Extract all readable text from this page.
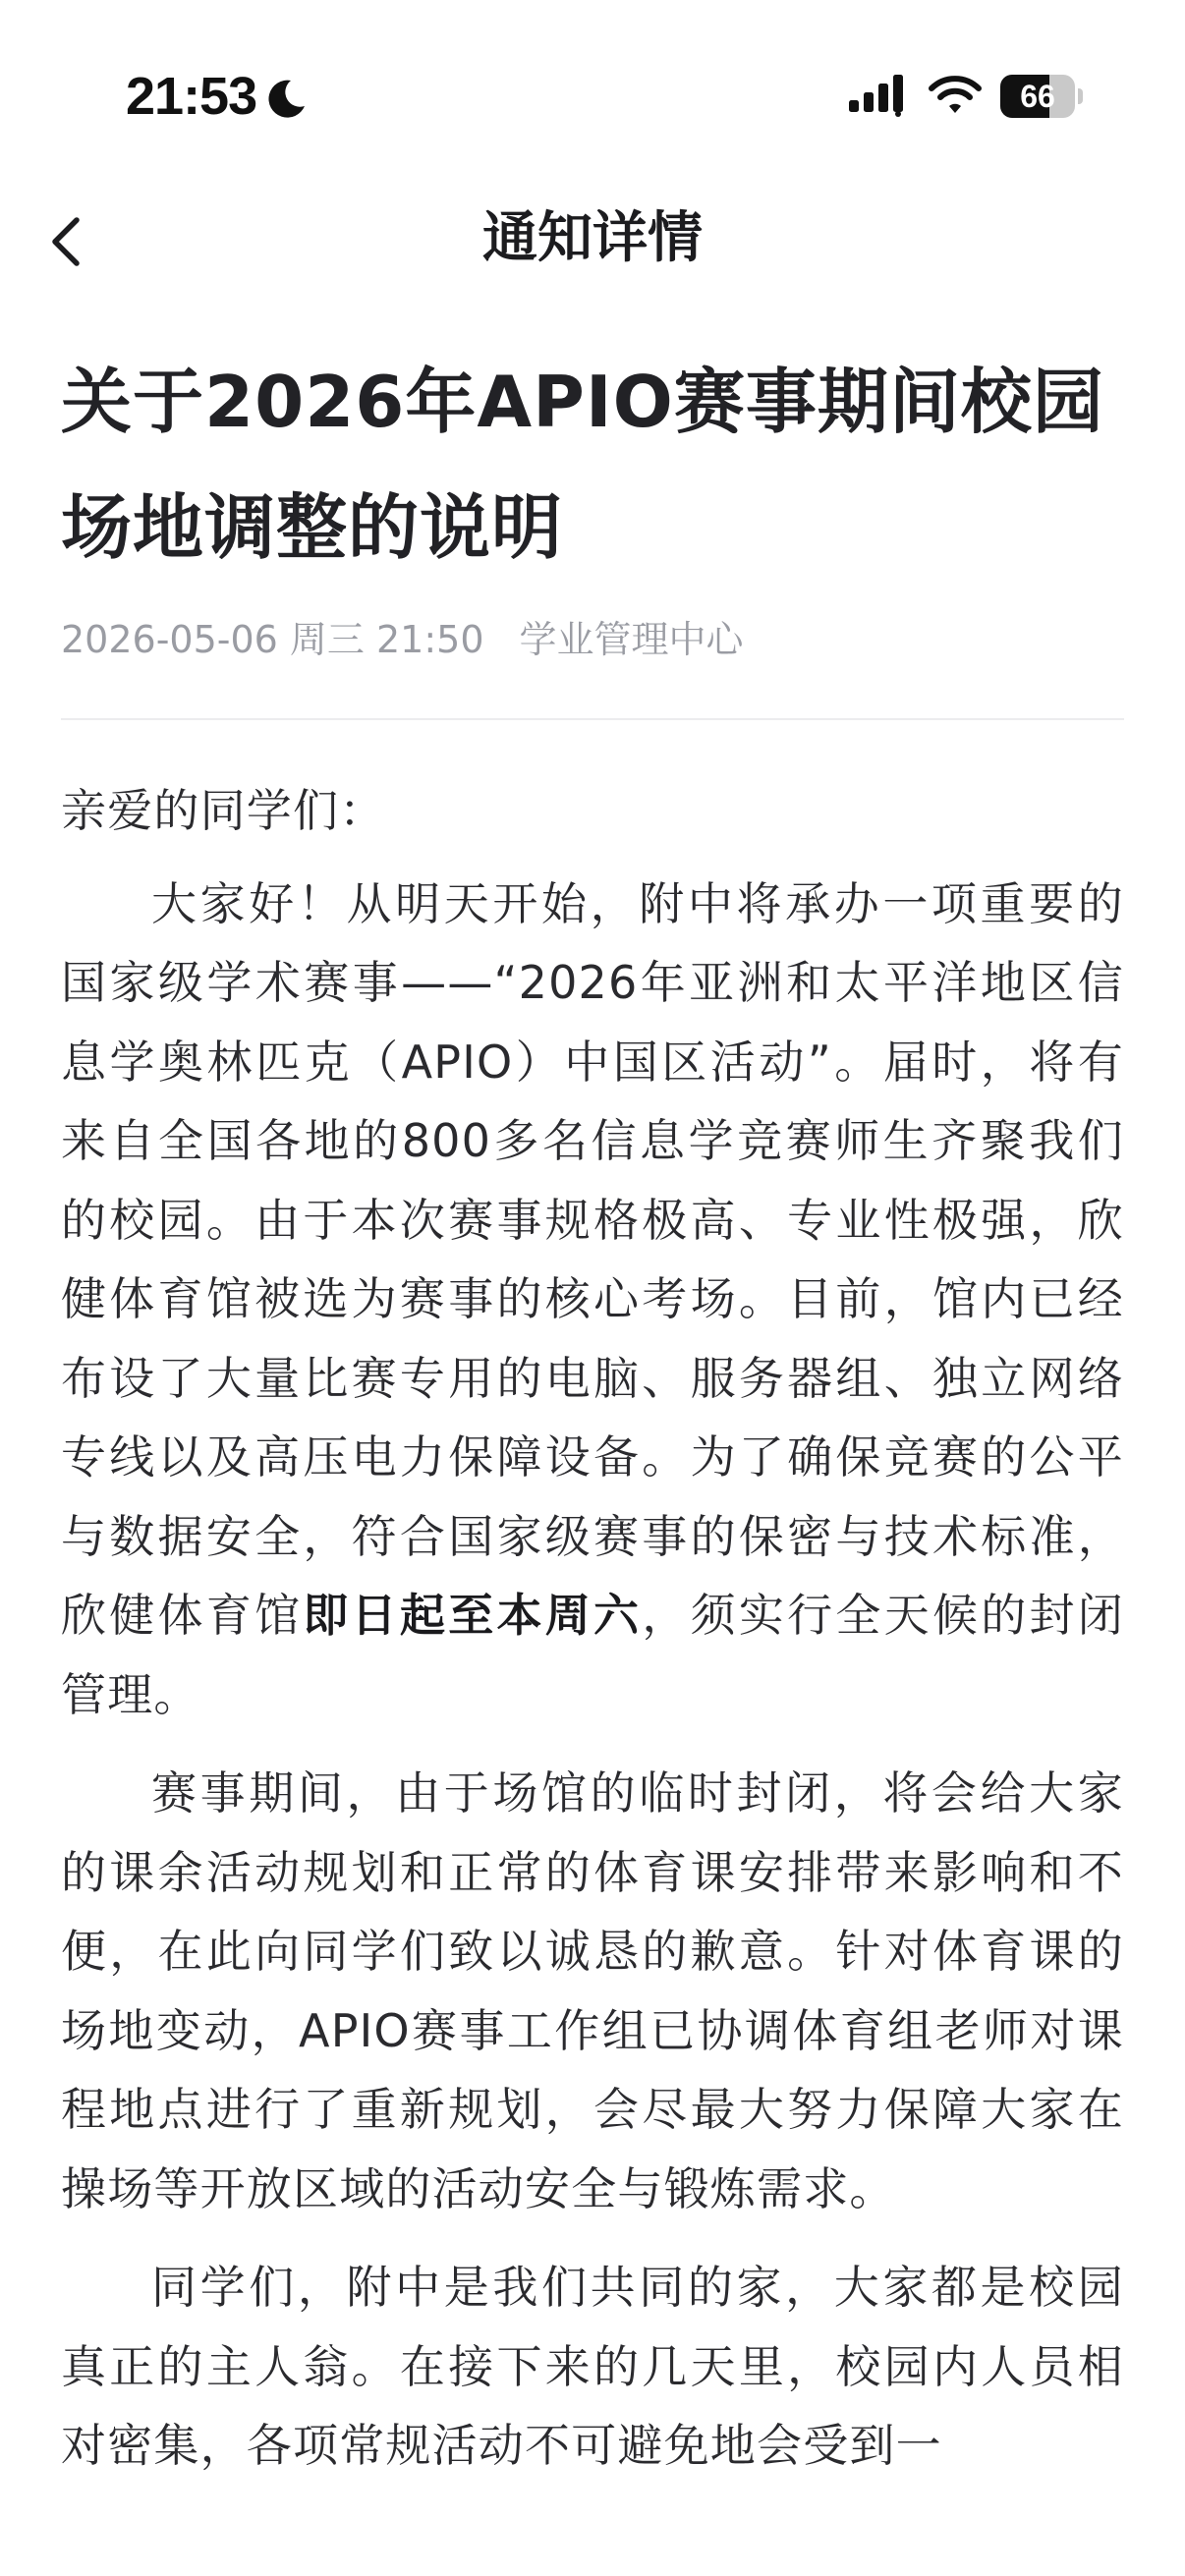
21:53	66
通知详情
关于2026年APIO赛事期间校园场地调整的说明
2026-05-06 周三 21:50 学业管理中心

亲爱的同学们：

大家好！从明天开始，附中将承办一项重要的国家级学术赛事——“2026年亚洲和太平洋地区信息学奥林匹克（APIO）中国区活动”。届时，将有来自全国各地的800多名信息学竞赛师生齐聚我们的校园。由于本次赛事规格极高、专业性极强，欣健体育馆被选为赛事的核心考场。目前，馆内已经布设了大量比赛专用的电脑、服务器组、独立网络专线以及高压电力保障设备。为了确保竞赛的公平与数据安全，符合国家级赛事的保密与技术标准，欣健体育馆即日起至本周六，须实行全天候的封闭管理。

赛事期间，由于场馆的临时封闭，将会给大家的课余活动规划和正常的体育课安排带来影响和不便，在此向同学们致以诚恳的歉意。针对体育课的场地变动，APIO赛事工作组已协调体育组老师对课程地点进行了重新规划，会尽最大努力保障大家在操场等开放区域的活动安全与锻炼需求。

同学们，附中是我们共同的家，大家都是校园真正的主人翁。在接下来的几天里，校园内人员相对密集，各项常规活动不可避免地会受到一
